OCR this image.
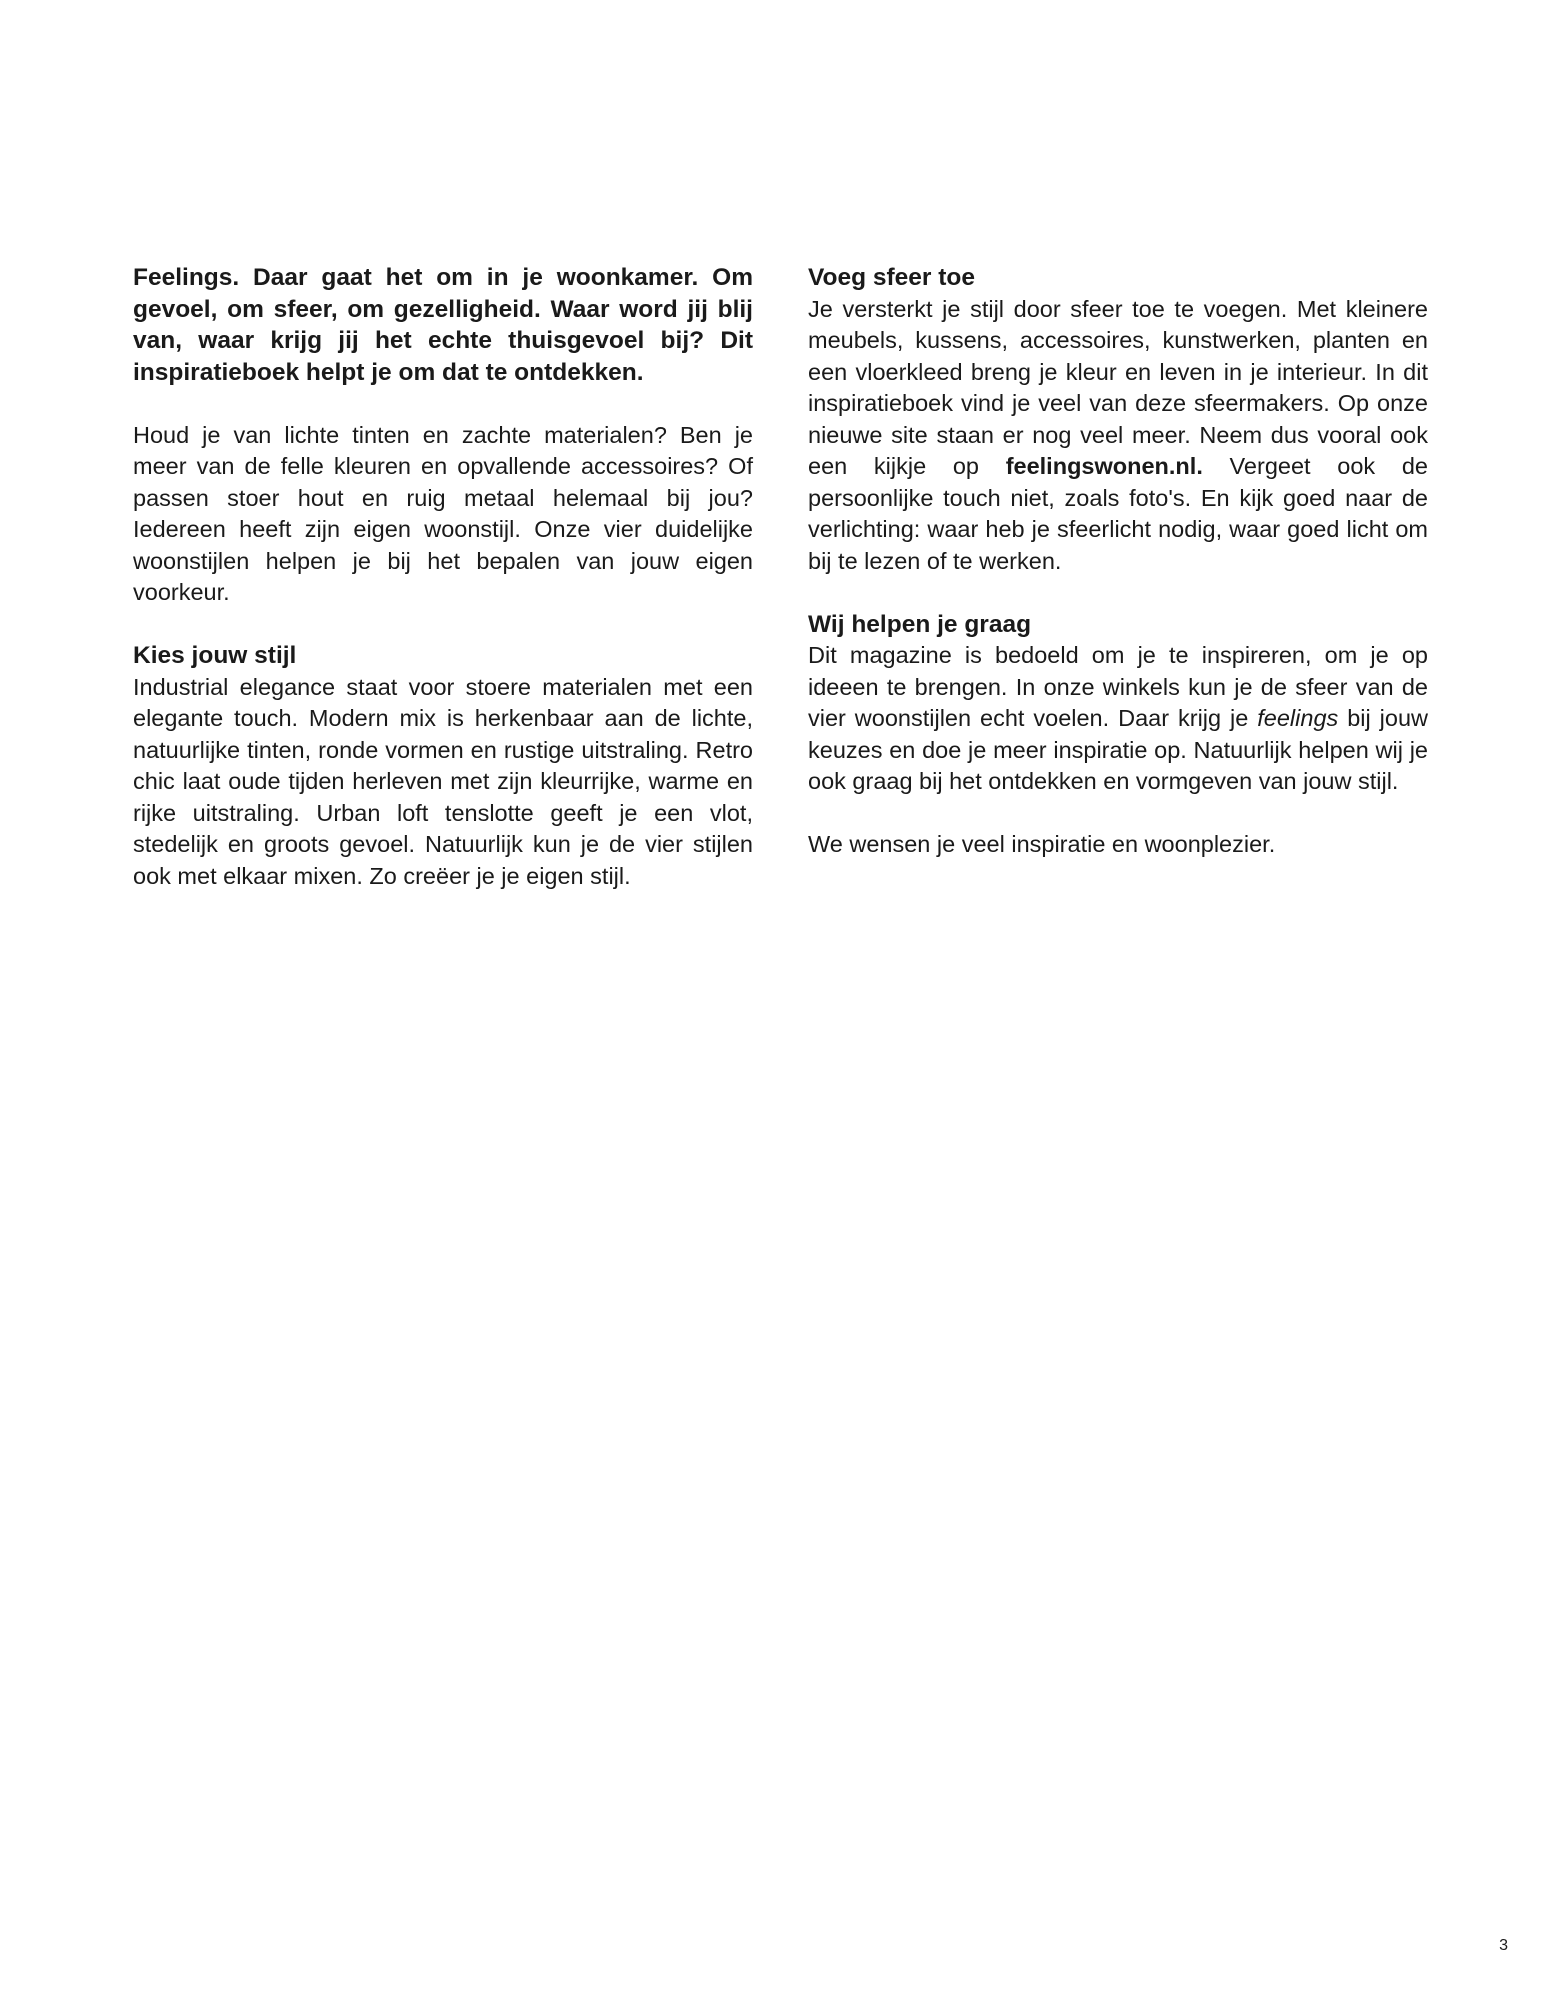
Feelings. Daar gaat het om in je woonkamer. Om gevoel, om sfeer, om gezelligheid. Waar word jij blij van, waar krijg jij het echte thuisgevoel bij? Dit inspiratieboek helpt je om dat te ontdekken.

Houd je van lichte tinten en zachte materialen? Ben je meer van de felle kleuren en opvallende accessoires? Of passen stoer hout en ruig metaal helemaal bij jou? Iedereen heeft zijn eigen woonstijl. Onze vier duidelijke woonstijlen helpen je bij het bepalen van jouw eigen voorkeur.

Kies jouw stijl

Industrial elegance staat voor stoere materialen met een elegante touch. Modern mix is herkenbaar aan de lichte, natuurlijke tinten, ronde vormen en rustige uitstraling. Retro chic laat oude tijden herleven met zijn kleurrijke, warme en rijke uitstraling. Urban loft tenslotte geeft je een vlot, stedelijk en groots gevoel. Natuurlijk kun je de vier stijlen ook met elkaar mixen. Zo creëer je je eigen stijl.

Voeg sfeer toe

Je versterkt je stijl door sfeer toe te voegen. Met kleinere meubels, kussens, accessoires, kunstwerken, planten en een vloerkleed breng je kleur en leven in je interieur. In dit inspiratieboek vind je veel van deze sfeermakers. Op onze nieuwe site staan er nog veel meer. Neem dus vooral ook een kijkje op feelingswonen.nl. Vergeet ook de persoonlijke touch niet, zoals foto's. En kijk goed naar de verlichting: waar heb je sfeerlicht nodig, waar goed licht om bij te lezen of te werken.

Wij helpen je graag

Dit magazine is bedoeld om je te inspireren, om je op ideeen te brengen. In onze winkels kun je de sfeer van de vier woonstijlen echt voelen. Daar krijg je feelings bij jouw keuzes en doe je meer inspiratie op. Natuurlijk helpen wij je ook graag bij het ontdekken en vormgeven van jouw stijl.

We wensen je veel inspiratie en woonplezier.

3
